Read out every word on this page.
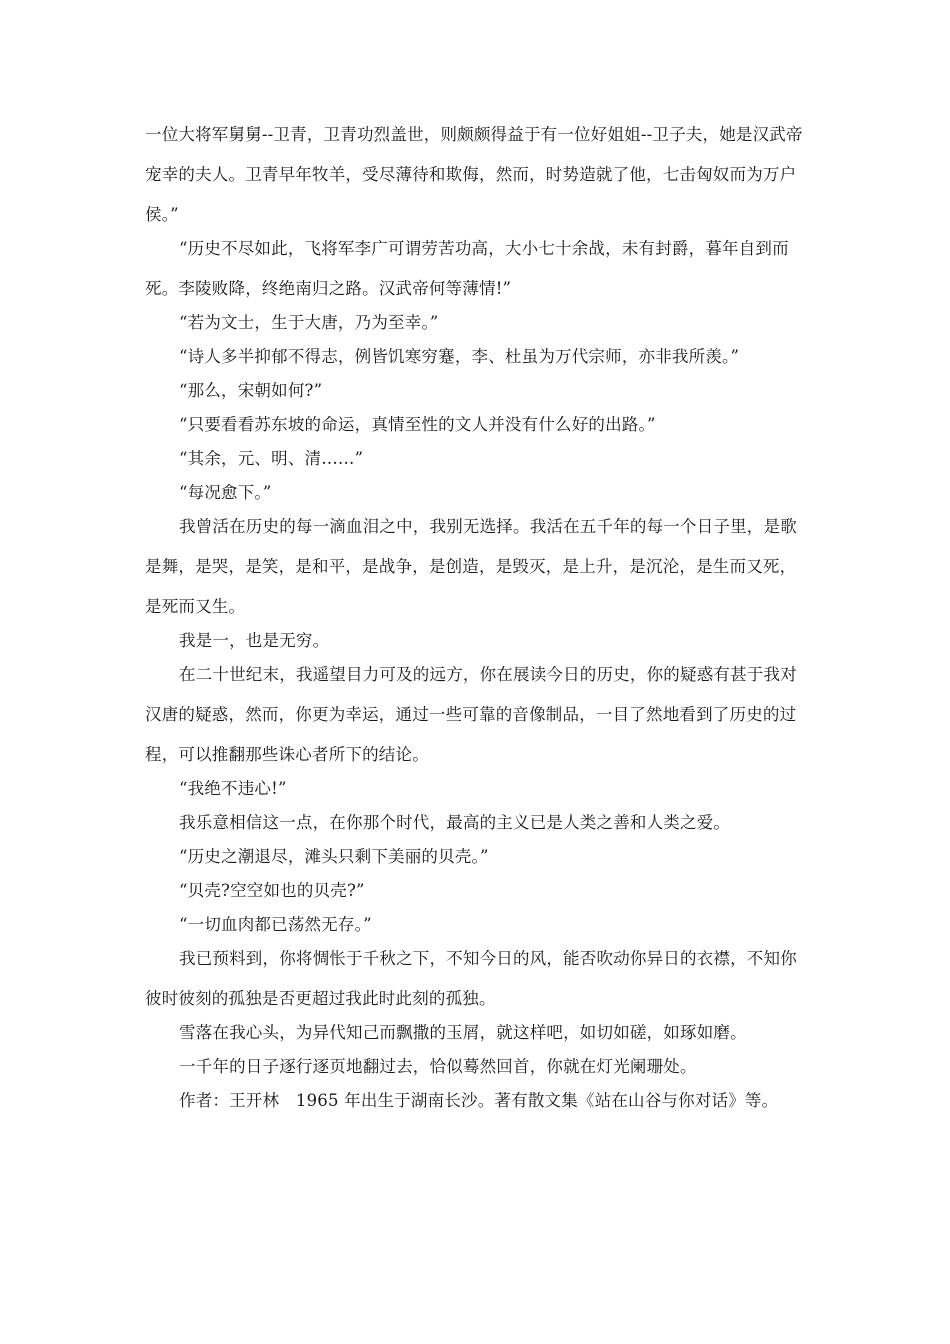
一位大将军舅舅--卫青，卫青功烈盖世，则颇颇得益于有一位好姐姐--卫子夫，她是汉武帝
宠幸的夫人。卫青早年牧羊，受尽薄待和欺侮，然而，时势造就了他，七击匈奴而为万户
侯。”
“历史不尽如此，飞将军李广可谓劳苦功高，大小七十余战，未有封爵，暮年自到而
死。李陵败降，终绝南归之路。汉武帝何等薄情!”
“若为文士，生于大唐，乃为至幸。”
“诗人多半抑郁不得志，例皆饥寒穷蹇，李、杜虽为万代宗师，亦非我所羡。”
“那么，宋朝如何?”
“只要看看苏东坡的命运，真情至性的文人并没有什么好的出路。”
“其余，元、明、清……”
“每况愈下。”
我曾活在历史的每一滴血泪之中，我别无选择。我活在五千年的每一个日子里，是歌
是舞，是哭，是笑，是和平，是战争，是创造，是毁灭，是上升，是沉沦，是生而又死，
是死而又生。
我是一，也是无穷。
在二十世纪末，我遥望目力可及的远方，你在展读今日的历史，你的疑惑有甚于我对
汉唐的疑惑，然而，你更为幸运，通过一些可靠的音像制品，一目了然地看到了历史的过
程，可以推翻那些诛心者所下的结论。
“我绝不违心!”
我乐意相信这一点，在你那个时代，最高的主义已是人类之善和人类之爱。
“历史之潮退尽，滩头只剩下美丽的贝壳。”
“贝壳?空空如也的贝壳?”
“一切血肉都已荡然无存。”
我已预料到，你将惆怅于千秋之下，不知今日的风，能否吹动你异日的衣襟，不知你
彼时彼刻的孤独是否更超过我此时此刻的孤独。
雪落在我心头，为异代知己而飘撒的玉屑，就这样吧，如切如磋，如琢如磨。
一千年的日子逐行逐页地翻过去，恰似蓦然回首，你就在灯光阑珊处。
作者：王开林　1965 年出生于湖南长沙。著有散文集《站在山谷与你对话》等。
